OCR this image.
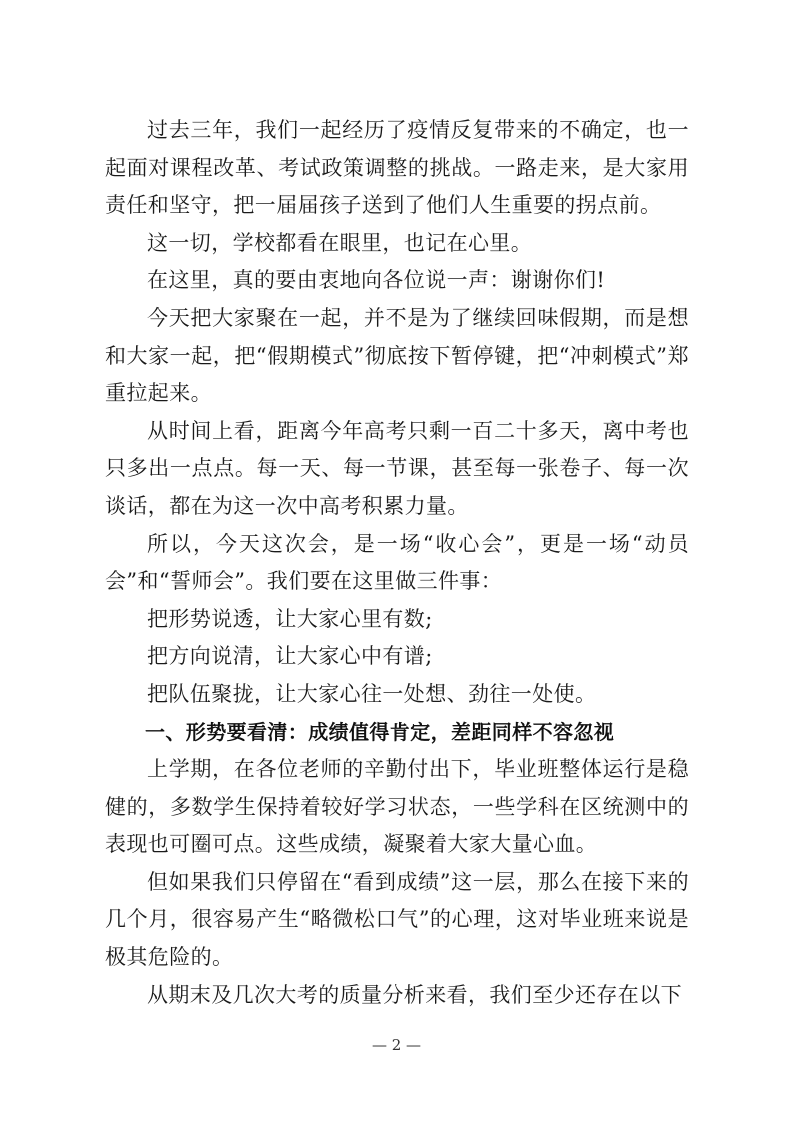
过去三年，我们一起经历了疫情反复带来的不确定，也一起面对课程改革、考试政策调整的挑战。一路走来，是大家用责任和坚守，把一届届孩子送到了他们人生重要的拐点前。

这一切，学校都看在眼里，也记在心里。

在这里，真的要由衷地向各位说一声：谢谢你们!

今天把大家聚在一起，并不是为了继续回味假期，而是想和大家一起，把“假期模式”彻底按下暂停键，把“冲刺模式”郑重拉起来。

从时间上看，距离今年高考只剩一百二十多天，离中考也只多出一点点。每一天、每一节课，甚至每一张卷子、每一次谈话，都在为这一次中高考积累力量。

所以，今天这次会，是一场“收心会”，更是一场“动员会”和“誓师会”。我们要在这里做三件事：

把形势说透，让大家心里有数;

把方向说清，让大家心中有谱;

把队伍聚拢，让大家心往一处想、劲往一处使。

一、形势要看清：成绩值得肯定，差距同样不容忽视

上学期，在各位老师的辛勤付出下，毕业班整体运行是稳健的，多数学生保持着较好学习状态，一些学科在区统测中的表现也可圈可点。这些成绩，凝聚着大家大量心血。

但如果我们只停留在“看到成绩”这一层，那么在接下来的几个月，很容易产生“略微松口气”的心理，这对毕业班来说是极其危险的。

从期末及几次大考的质量分析来看，我们至少还存在以下

— 2 —
